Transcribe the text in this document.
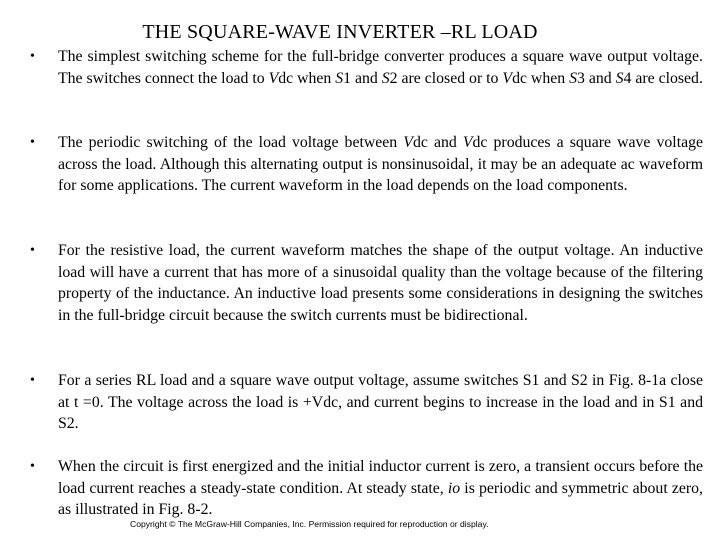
THE SQUARE-WAVE INVERTER –RL LOAD
• The simplest switching scheme for the full-bridge converter produces a square wave output voltage. The switches connect the load to Vdc when S1 and S2 are closed or to Vdc when S3 and S4 are closed.
• The periodic switching of the load voltage between Vdc and Vdc produces a square wave voltage across the load. Although this alternating output is nonsinusoidal, it may be an adequate ac waveform for some applications. The current waveform in the load depends on the load components.
• For the resistive load, the current waveform matches the shape of the output voltage. An inductive load will have a current that has more of a sinusoidal quality than the voltage because of the filtering property of the inductance. An inductive load presents some considerations in designing the switches in the full-bridge circuit because the switch currents must be bidirectional.
• For a series RL load and a square wave output voltage, assume switches S1 and S2 in Fig. 8-1a close at t =0. The voltage across the load is +Vdc, and current begins to increase in the load and in S1 and S2.
• When the circuit is first energized and the initial inductor current is zero, a transient occurs before the load current reaches a steady-state condition. At steady state, io is periodic and symmetric about zero, as illustrated in Fig. 8-2.
Copyright © The McGraw-Hill Companies, Inc. Permission required for reproduction or display.
